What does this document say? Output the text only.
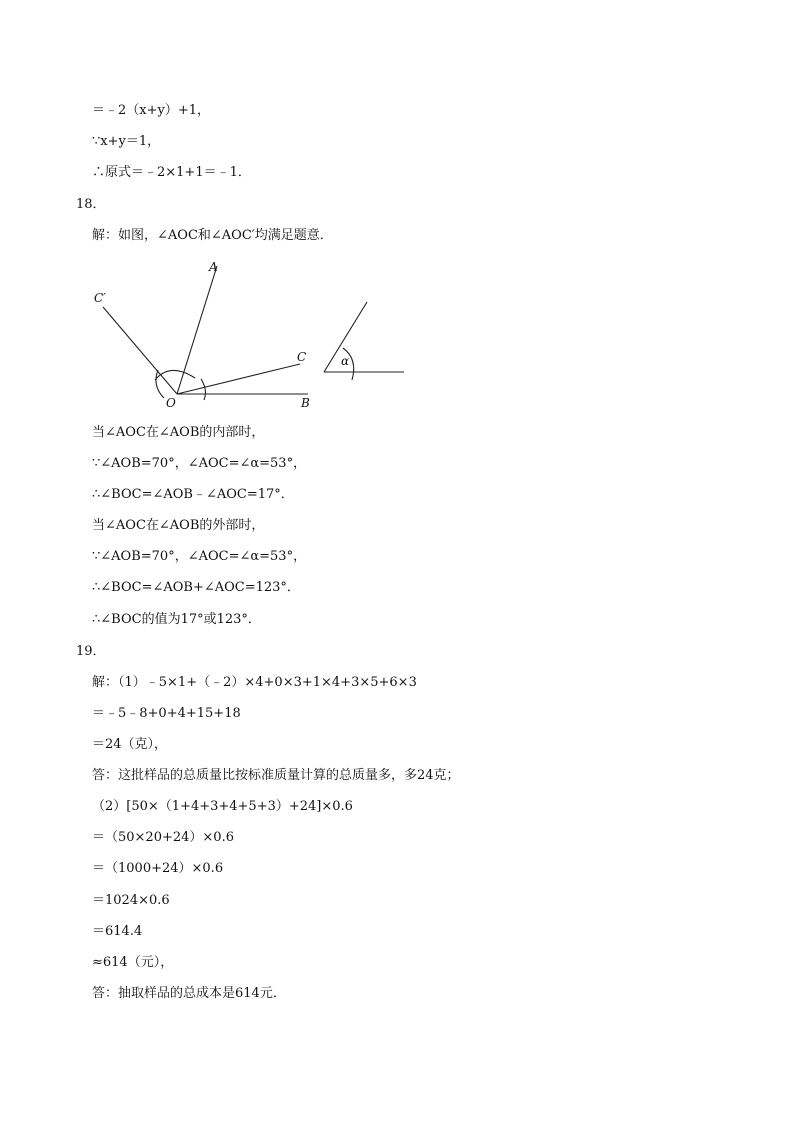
＝﹣2（x+y）+1，
∵x+y＝1，
∴原式＝﹣2×1+1＝﹣1．
18．
解：如图，∠AOC和∠AOC′均满足题意．
A
C′
C
O	B
α
当∠AOC在∠AOB的内部时，
∵∠AOB=70°，∠AOC=∠α=53°，
∴∠BOC=∠AOB﹣∠AOC=17°．
当∠AOC在∠AOB的外部时，
∵∠AOB=70°，∠AOC=∠α=53°，
∴∠BOC=∠AOB+∠AOC=123°．
∴∠BOC的值为17°或123°．
19．
解：（1）﹣5×1+（﹣2）×4+0×3+1×4+3×5+6×3
＝﹣5﹣8+0+4+15+18
＝24（克），
答：这批样品的总质量比按标准质量计算的总质量多，多24克；
（2）[50×（1+4+3+4+5+3）+24]×0.6
＝（50×20+24）×0.6
＝（1000+24）×0.6
＝1024×0.6
＝614.4
≈614（元），
答：抽取样品的总成本是614元．
